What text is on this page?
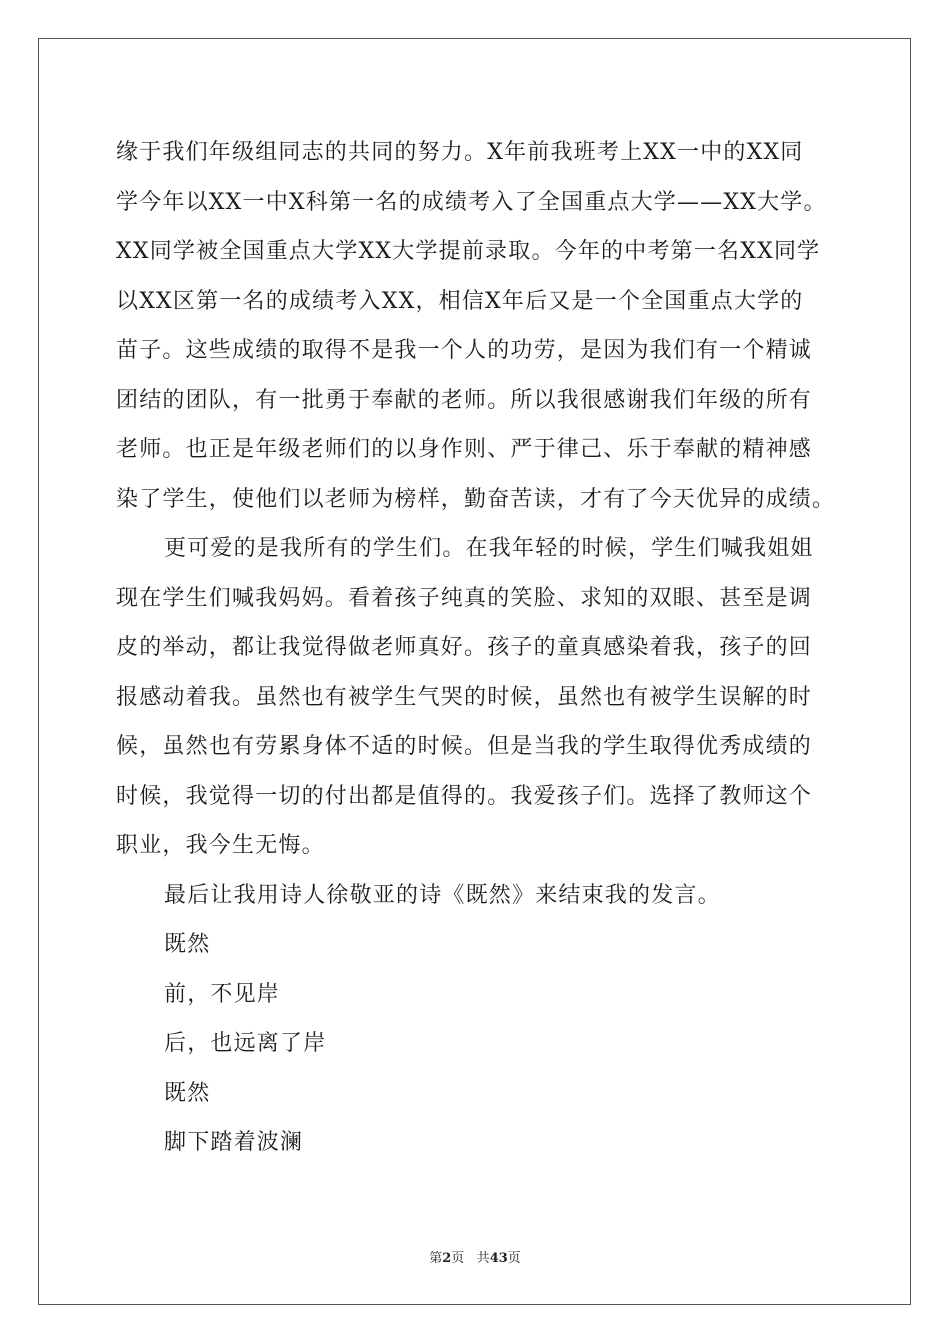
缘于我们年级组同志的共同的努力。X年前我班考上XX一中的XX同
学今年以XX一中X科第一名的成绩考入了全国重点大学——XX大学。
XX同学被全国重点大学XX大学提前录取。今年的中考第一名XX同学
以XX区第一名的成绩考入XX，相信X年后又是一个全国重点大学的
苗子。这些成绩的取得不是我一个人的功劳，是因为我们有一个精诚
团结的团队，有一批勇于奉献的老师。所以我很感谢我们年级的所有
老师。也正是年级老师们的以身作则、严于律己、乐于奉献的精神感
染了学生，使他们以老师为榜样，勤奋苦读，才有了今天优异的成绩。
更可爱的是我所有的学生们。在我年轻的时候，学生们喊我姐姐
现在学生们喊我妈妈。看着孩子纯真的笑脸、求知的双眼、甚至是调
皮的举动，都让我觉得做老师真好。孩子的童真感染着我，孩子的回
报感动着我。虽然也有被学生气哭的时候，虽然也有被学生误解的时
候，虽然也有劳累身体不适的时候。但是当我的学生取得优秀成绩的
时候，我觉得一切的付出都是值得的。我爱孩子们。选择了教师这个
职业，我今生无悔。
最后让我用诗人徐敬亚的诗《既然》来结束我的发言。
既然
前，不见岸
后，也远离了岸
既然
脚下踏着波澜
第2页 共43页
